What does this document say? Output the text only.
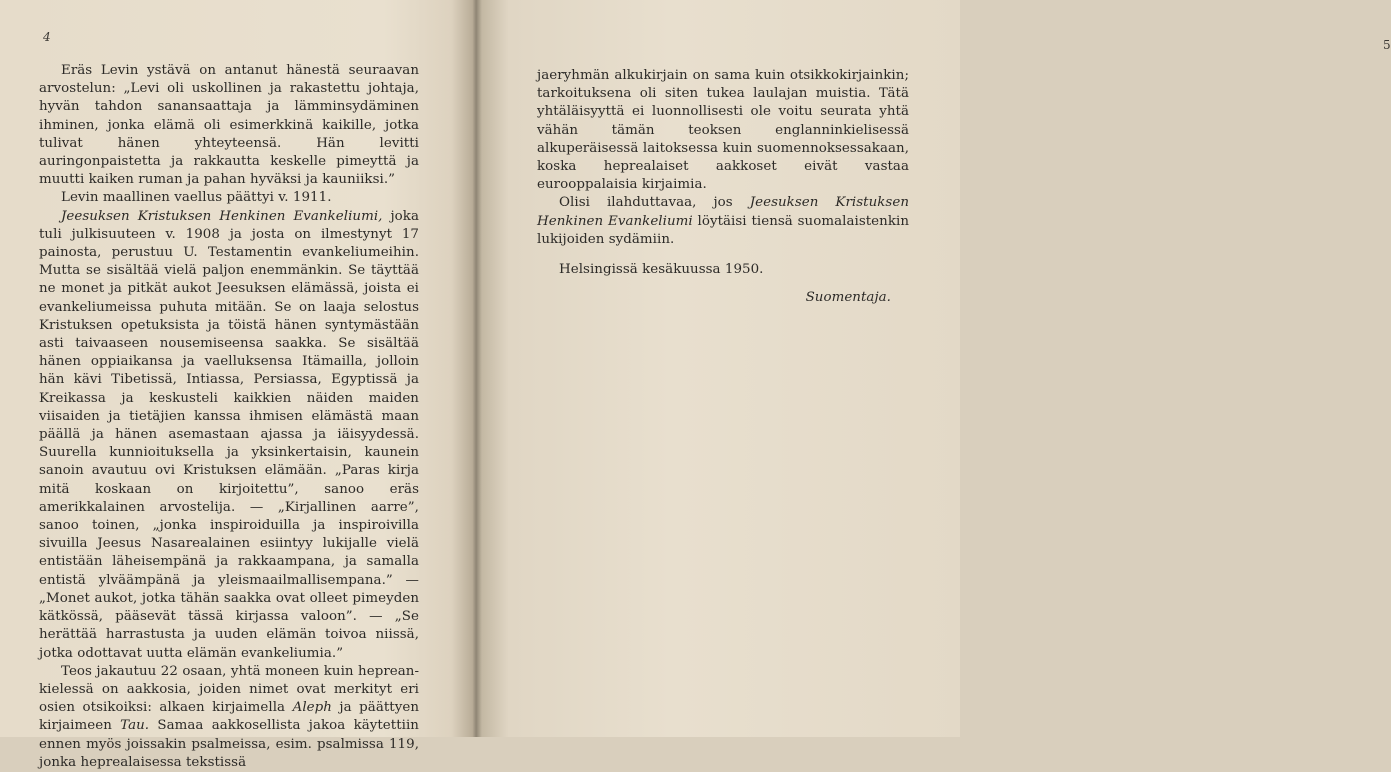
4

Eräs Levin ystävä on antanut hänestä seuraavan arvostelun: „Levi oli uskollinen ja rakastettu johtaja, hyvän tahdon sanansaattaja ja lämminsydäminen ihminen, jonka elämä oli esimerkkinä kaikille, jotka tulivat hänen yhteyteensä. Hän levitti auringonpaistetta ja rakkautta keskelle pimeyttä ja muutti kaiken ruman ja pahan hyväksi ja kauniiksi.”

Levin maallinen vaellus päättyi v. 1911.

Jeesuksen Kristuksen Henkinen Evankeliumi, joka tuli julkisuuteen v. 1908 ja josta on ilmestynyt 17 painosta, perustuu U. Testamentin evankeliumeihin. Mutta se sisältää vielä paljon enemmänkin. Se täyttää ne monet ja pitkät aukot Jeesuksen elämässä, joista ei evankeliumeissa puhuta mitään. Se on laaja selostus Kristuksen opetuksista ja töistä hänen syntymästään asti taivaaseen nousemiseensa saakka. Se sisältää hänen oppiaikansa ja vaelluksensa Itämailla, jolloin hän kävi Tibetissä, Intiassa, Persiassa, Egyptissä ja Kreikassa ja keskusteli kaikkien näiden maiden viisaiden ja tietäjien kanssa ihmisen elämästä maan päällä ja hänen asemastaan ajassa ja iäisyydessä. Suurella kunnioituksella ja yksinkertaisin, kaunein sanoin avautuu ovi Kristuksen elämään. „Paras kirja mitä koskaan on kirjoitettu”, sanoo eräs amerikkalainen arvostelija. — „Kirjallinen aarre”, sanoo toinen, „jonka inspiroiduilla ja inspiroivilla sivuilla Jeesus Nasarealainen esiintyy lukijalle vielä entistään läheisempänä ja rakkaampana, ja samalla entistä ylväämpänä ja yleismaailmallisempana.” — „Monet aukot, jotka tähän saakka ovat olleet pimeyden kätkössä, pääsevät tässä kirjassa valoon”. — „Se herättää harrastusta ja uuden elämän toivoa niissä, jotka odottavat uutta elämän evankeliumia.”

Teos jakautuu 22 osaan, yhtä moneen kuin hepreankielessä on aakkosia, joiden nimet ovat merkityt eri osien otsikoiksi: alkaen kirjaimella Aleph ja päättyen kirjaimeen Tau. Samaa aakkosellista jakoa käytettiin ennen myös joissakin psalmeissa, esim. psalmissa 119, jonka heprealaisessa tekstissä

5

jaeryhmän alkukirjain on sama kuin otsikkokirjainkin; tarkoituksena oli siten tukea laulajan muistia. Tätä yhtäläisyyttä ei luonnollisesti ole voitu seurata yhtä vähän tämän teoksen englanninkielisessä alkuperäisessä laitoksessa kuin suomennoksessakaan, koska heprealaiset aakkoset eivät vastaa eurooppalaisia kirjaimia.

Olisi ilahduttavaa, jos Jeesuksen Kristuksen Henkinen Evankeliumi löytäisi tiensä suomalaistenkin lukijoiden sydämiin.

Helsingissä kesäkuussa 1950.

Suomentaja.
